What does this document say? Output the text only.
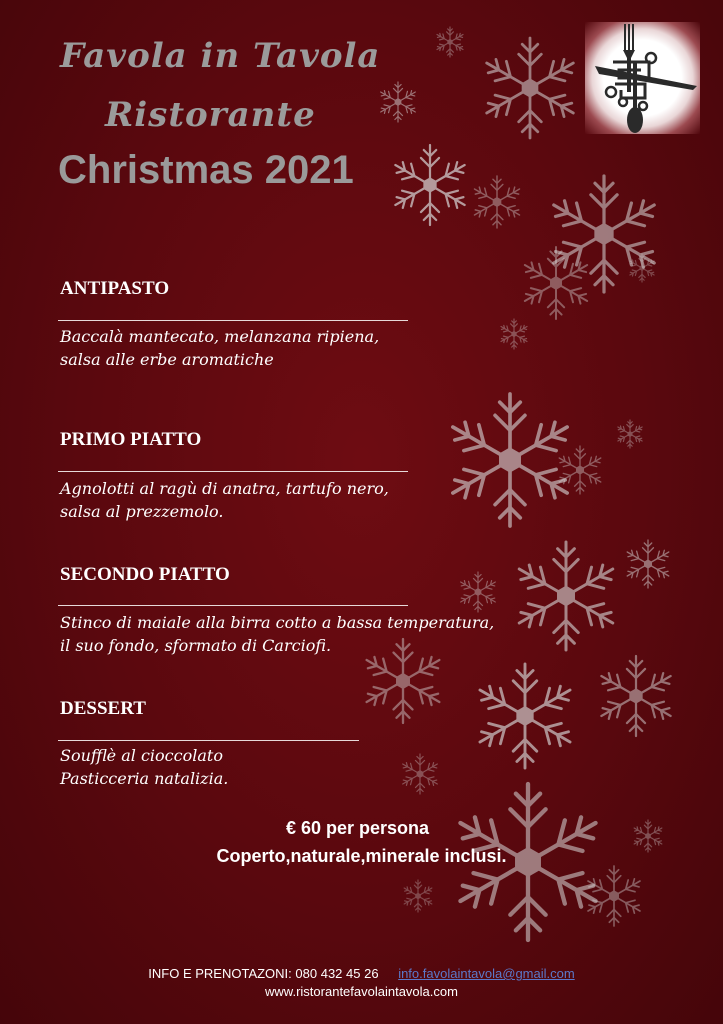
Favola in Tavola
Ristorante
Christmas 2021
ANTIPASTO
Baccalà mantecato, melanzana ripiena,
salsa alle erbe aromatiche
PRIMO PIATTO
Agnolotti al ragù di anatra, tartufo nero,
salsa al prezzemolo.
SECONDO PIATTO
Stinco di maiale alla birra cotto a bassa temperatura,
il suo fondo, sformato di Carciofi.
DESSERT
Soufflè al cioccolato
Pasticceria natalizia.
€ 60 per persona
Coperto,naturale,minerale inclusi.
INFO E PRENOTAZONI: 080 432 45 26 info.favolaintavola@gmail.com
www.ristorantefavolaintavola.com
